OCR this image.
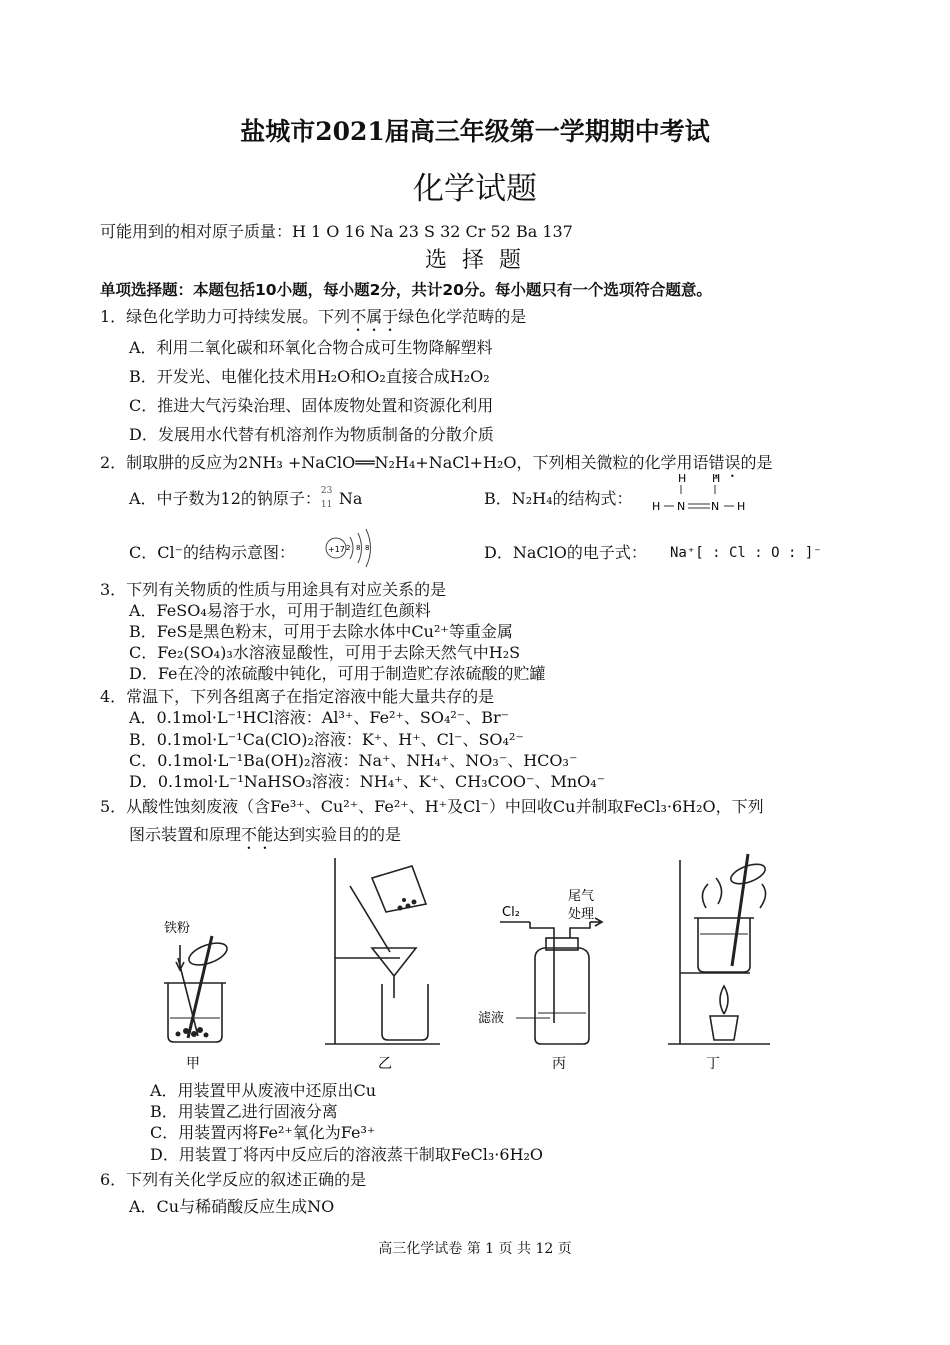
盐城市2021届高三年级第一学期期中考试
化学试题
可能用到的相对原子质量：H 1 O 16 Na 23 S 32 Cr 52 Ba 137
选 择 题
单项选择题：本题包括10小题，每小题2分，共计20分。每小题只有一个选项符合题意。
1．绿色化学助力可持续发展。下列不属于绿色化学范畴的是
A．利用二氧化碳和环氧化合物合成可生物降解塑料
B．开发光、电催化技术用H₂O和O₂直接合成H₂O₂
C．推进大气污染治理、固体废物处置和资源化利用
D．发展用水代替有机溶剂作为物质制备的分散介质
2．制取肼的反应为2NH₃ +NaClO══N₂H₄+NaCl+H₂O，下列相关微粒的化学用语错误的是
A．中子数为12的钠原子： 23
11 Na	B．N₂H₄的结构式：
H H
H N N H
C．Cl⁻的结构示意图：	+17 2 8 8	D．NaClO的电子式： Na⁺[ : Cl : O : ]⁻
3．下列有关物质的性质与用途具有对应关系的是
A．FeSO₄易溶于水，可用于制造红色颜料
B．FeS是黑色粉末，可用于去除水体中Cu²⁺等重金属
C．Fe₂(SO₄)₃水溶液显酸性，可用于去除天然气中H₂S
D．Fe在冷的浓硫酸中钝化，可用于制造贮存浓硫酸的贮罐
4．常温下，下列各组离子在指定溶液中能大量共存的是
A．0.1mol·L⁻¹HCl溶液：Al³⁺、Fe²⁺、SO₄²⁻、Br⁻
B．0.1mol·L⁻¹Ca(ClO)₂溶液：K⁺、H⁺、Cl⁻、SO₄²⁻
C．0.1mol·L⁻¹Ba(OH)₂溶液：Na⁺、NH₄⁺、NO₃⁻、HCO₃⁻
D．0.1mol·L⁻¹NaHSO₃溶液：NH₄⁺、K⁺、CH₃COO⁻、MnO₄⁻
5．从酸性蚀刻废液（含Fe³⁺、Cu²⁺、Fe²⁺、H⁺及Cl⁻）中回收Cu并制取FeCl₃·6H₂O，下列
图示装置和原理不能达到实验目的的是
铁粉
甲	乙
Cl₂
尾气
处理
滤液
丙	丁
A．用装置甲从废液中还原出Cu
B．用装置乙进行固液分离
C．用装置丙将Fe²⁺氧化为Fe³⁺
D．用装置丁将丙中反应后的溶液蒸干制取FeCl₃·6H₂O
6．下列有关化学反应的叙述正确的是
A．Cu与稀硝酸反应生成NO
高三化学试卷 第 1 页 共 12 页
